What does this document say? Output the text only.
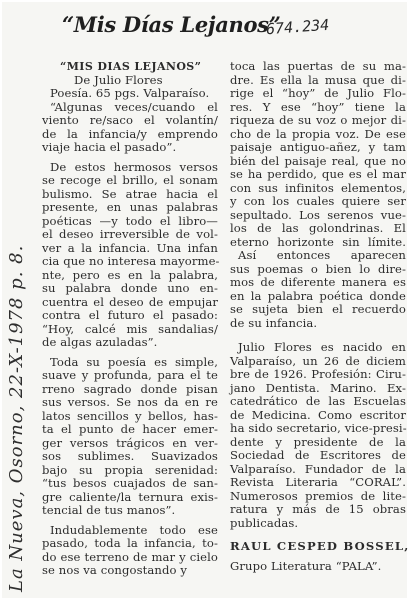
“Mis Días Lejanos”
674.234
La Nueva, Osorno, 22-X-1978 p. 8.

“MIS DIAS LEJANOS”
De Julio Flores
Poesía. 65 pgs. Valparaíso.
“Algunas veces/cuando el
viento re/saco el volantín/
de la infancia/y emprendo
viaje hacia el pasado”.

De estos hermosos versos
se recoge el brillo, el sonam
bulismo. Se atrae hacia el
presente, en unas palabras
poéticas —y todo el libro—
el deseo irreversible de vol-
ver a la infancia. Una infan
cia que no interesa mayorme-
nte, pero es en la palabra,
su palabra donde uno en-
cuentra el deseo de empujar
contra el futuro el pasado:
“Hoy, calcé mis sandalias/
de algas azuladas”.

Toda su poesía es simple,
suave y profunda, para el te
rreno sagrado donde pisan
sus versos. Se nos da en re
latos sencillos y bellos, has-
ta el punto de hacer emer-
ger versos trágicos en ver-
sos sublimes. Suavizados
bajo su propia serenidad:
“tus besos cuajados de san-
gre caliente/la ternura exis-
tencial de tus manos”.

Indudablemente todo ese
pasado, toda la infancia, to-
do ese terreno de mar y cielo
se nos va congostando y

toca las puertas de su ma-
dre. Es ella la musa que di-
rige el “hoy” de Julio Flo-
res. Y ese “hoy” tiene la
riqueza de su voz o mejor di-
cho de la propia voz. De ese
paisaje antiguo-añez, y tam
bién del paisaje real, que no
se ha perdido, que es el mar
con sus infinitos elementos,
y con los cuales quiere ser
sepultado. Los serenos vue-
los de las golondrinas. El
eterno horizonte sin límite.
Así entonces aparecen
sus poemas o bien lo dire-
mos de diferente manera es
en la palabra poética donde
se sujeta bien el recuerdo
de su infancia.

Julio Flores es nacido en
Valparaíso, un 26 de diciem
bre de 1926. Profesión: Ciru-
jano Dentista. Marino. Ex-
catedrático de las Escuelas
de Medicina. Como escritor
ha sido secretario, vice-presi-
dente y presidente de la
Sociedad de Escritores de
Valparaíso. Fundador de la
Revista Literaria “CORAL”.
Numerosos premios de lite-
ratura y más de 15 obras
publicadas.

RAUL CESPED BOSSEL,
Grupo Literatura “PALA”.
